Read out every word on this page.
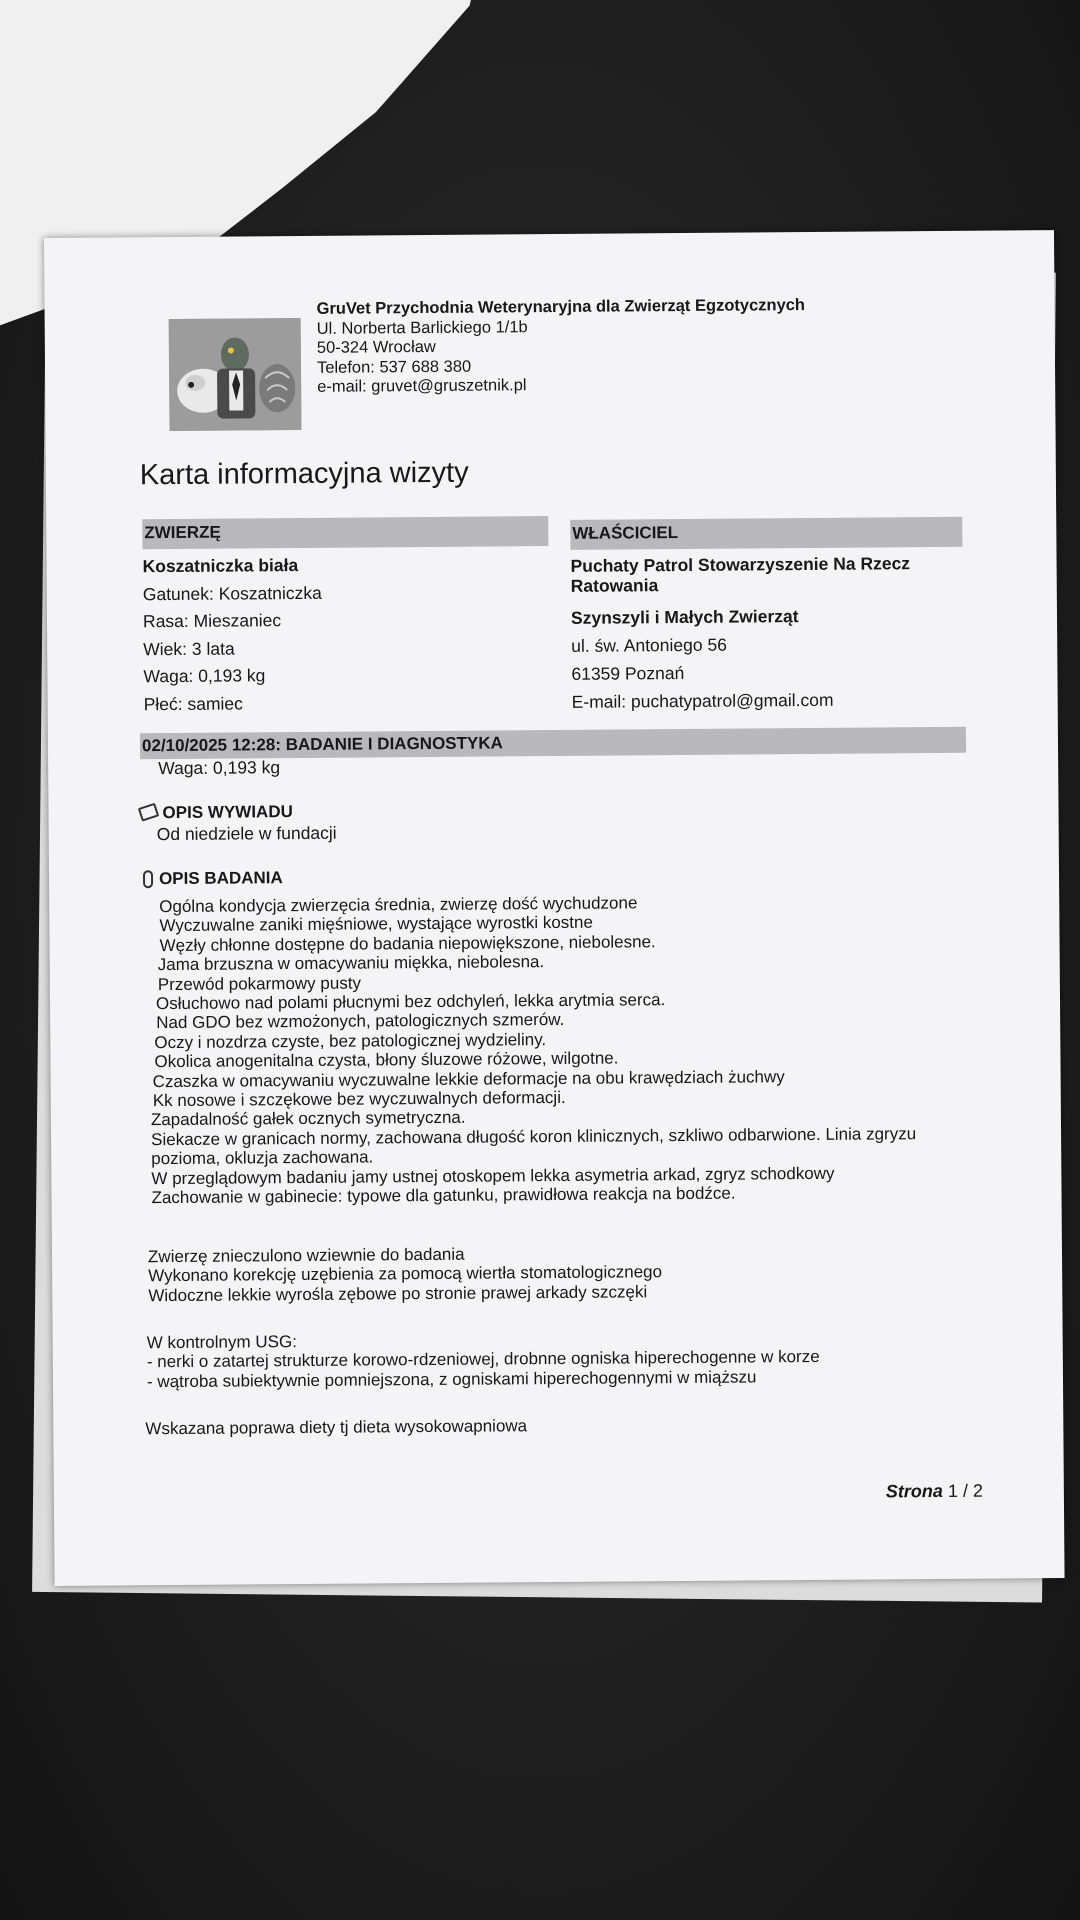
GruVet Przychodnia Weterynaryjna dla Zwierząt Egzotycznych
Ul. Norberta Barlickiego 1/1b
50-324 Wrocław
Telefon: 537 688 380
e-mail: gruvet@gruszetnik.pl
Karta informacyjna wizyty
ZWIERZĘ	WŁAŚCICIEL
Koszatniczka biała
Gatunek: Koszatniczka
Rasa: Mieszaniec
Wiek: 3 lata
Waga: 0,193 kg
Płeć: samiec
Puchaty Patrol Stowarzyszenie Na Rzecz
Ratowania
Szynszyli i Małych Zwierząt
ul. św. Antoniego 56
61359 Poznań
E-mail: puchatypatrol@gmail.com
02/10/2025 12:28: BADANIE I DIAGNOSTYKA
Waga: 0,193 kg
OPIS WYWIADU
Od niedziele w fundacji
OPIS BADANIA
Ogólna kondycja zwierzęcia średnia, zwierzę dość wychudzone
Wyczuwalne zaniki mięśniowe, wystające wyrostki kostne
Węzły chłonne dostępne do badania niepowiększone, niebolesne.
Jama brzuszna w omacywaniu miękka, niebolesna.
Przewód pokarmowy pusty
Osłuchowo nad polami płucnymi bez odchyleń, lekka arytmia serca.
Nad GDO bez wzmożonych, patologicznych szmerów.
Oczy i nozdrza czyste, bez patologicznej wydzieliny.
Okolica anogenitalna czysta, błony śluzowe różowe, wilgotne.
Czaszka w omacywaniu wyczuwalne lekkie deformacje na obu krawędziach żuchwy
Kk nosowe i szczękowe bez wyczuwalnych deformacji.
Zapadalność gałek ocznych symetryczna.
Siekacze w granicach normy, zachowana długość koron klinicznych, szkliwo odbarwione. Linia zgryzu
pozioma, okluzja zachowana.
W przeglądowym badaniu jamy ustnej otoskopem lekka asymetria arkad, zgryz schodkowy
Zachowanie w gabinecie: typowe dla gatunku, prawidłowa reakcja na bodźce.
Zwierzę znieczulono wziewnie do badania
Wykonano korekcję uzębienia za pomocą wiertła stomatologicznego
Widoczne lekkie wyrośla zębowe po stronie prawej arkady szczęki
W kontrolnym USG:
- nerki o zatartej strukturze korowo-rdzeniowej, drobnne ogniska hiperechogenne w korze
- wątroba subiektywnie pomniejszona, z ogniskami hiperechogennymi w miąższu
Wskazana poprawa diety tj dieta wysokowapniowa
Strona 1 / 2
